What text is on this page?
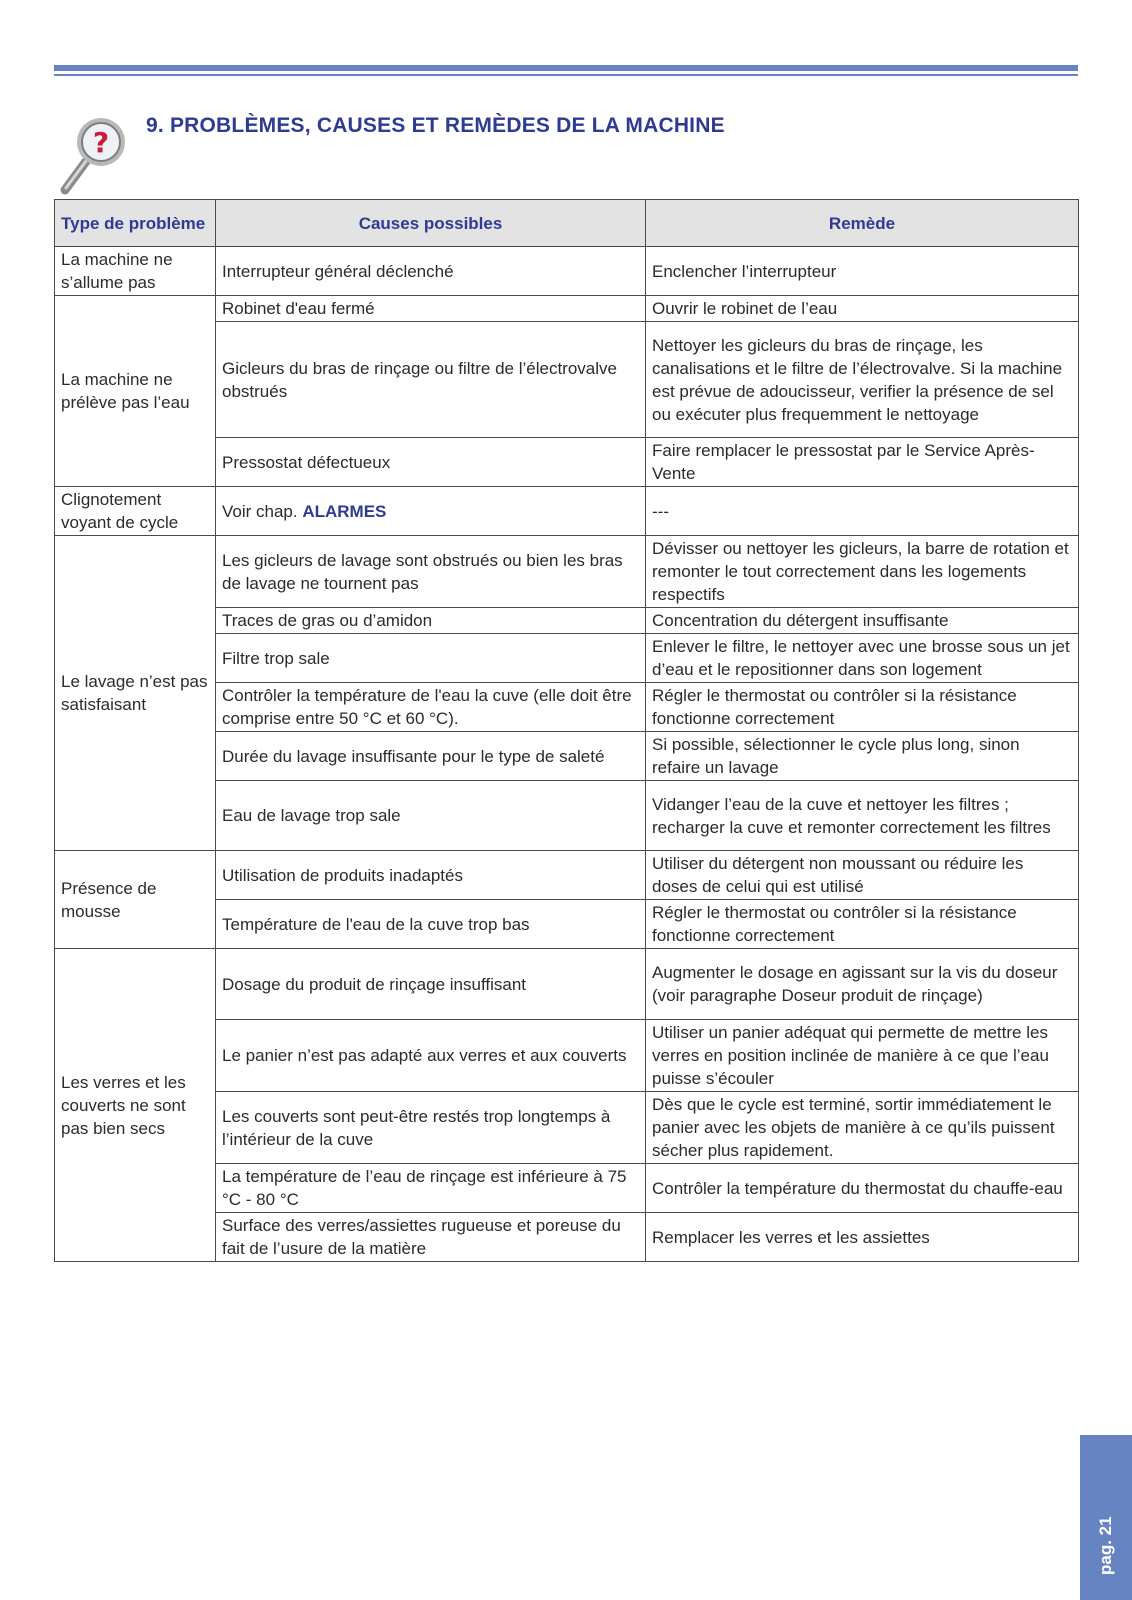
?
9. PROBLÈMES, CAUSES ET REMÈDES DE LA MACHINE
Type de problème	Causes possibles	Remède
La machine ne s’allume pas	Interrupteur général déclenché	Enclencher l’interrupteur
La machine ne prélève pas l’eau	Robinet d'eau fermé	Ouvrir le robinet de l’eau
	Gicleurs du bras de rinçage ou filtre de l’électrovalve obstrués	Nettoyer les gicleurs du bras de rinçage, les canalisations et le filtre de l’électrovalve. Si la machine est prévue de adoucisseur, verifier la présence de sel ou exécuter plus frequemment le nettoyage
	Pressostat défectueux	Faire remplacer le pressostat par le Service Après-Vente
Clignotement voyant de cycle	Voir chap. ALARMES	---
Le lavage n’est pas satisfaisant	Les gicleurs de lavage sont obstrués ou bien les bras de lavage ne tournent pas	Dévisser ou nettoyer les gicleurs, la barre de rotation et remonter le tout correctement dans les logements respectifs
	Traces de gras ou d’amidon	Concentration du détergent insuffisante
	Filtre trop sale	Enlever le filtre, le nettoyer avec une brosse sous un jet d’eau et le repositionner dans son logement
	Contrôler la température de l'eau la cuve (elle doit être comprise entre 50 °C et 60 °C).	Régler le thermostat ou contrôler si la résistance fonctionne correctement
	Durée du lavage insuffisante pour le type de saleté	Si possible, sélectionner le cycle plus long, sinon refaire un lavage
	Eau de lavage trop sale	Vidanger l’eau de la cuve et nettoyer les filtres ; recharger la cuve et remonter correctement les filtres
Présence de mousse	Utilisation de produits inadaptés	Utiliser du détergent non moussant ou réduire les doses de celui qui est utilisé
	Température de l'eau de la cuve trop bas	Régler le thermostat ou contrôler si la résistance fonctionne correctement
Les verres et les couverts ne sont pas bien secs	Dosage du produit de rinçage insuffisant	Augmenter le dosage en agissant sur la vis du doseur (voir paragraphe Doseur produit de rinçage)
	Le panier n’est pas adapté aux verres et aux couverts	Utiliser un panier adéquat qui permette de mettre les verres en position inclinée de manière à ce que l’eau puisse s’écouler
	Les couverts sont peut-être restés trop longtemps à l’intérieur de la cuve	Dès que le cycle est terminé, sortir immédiatement le panier avec les objets de manière à ce qu’ils puissent sécher plus rapidement.
	La température de l’eau de rinçage est inférieure à 75 °C - 80 °C	Contrôler la température du thermostat du chauffe-eau
	Surface des verres/assiettes rugueuse et poreuse du fait de l’usure de la matière	Remplacer les verres et les assiettes
pag. 21
